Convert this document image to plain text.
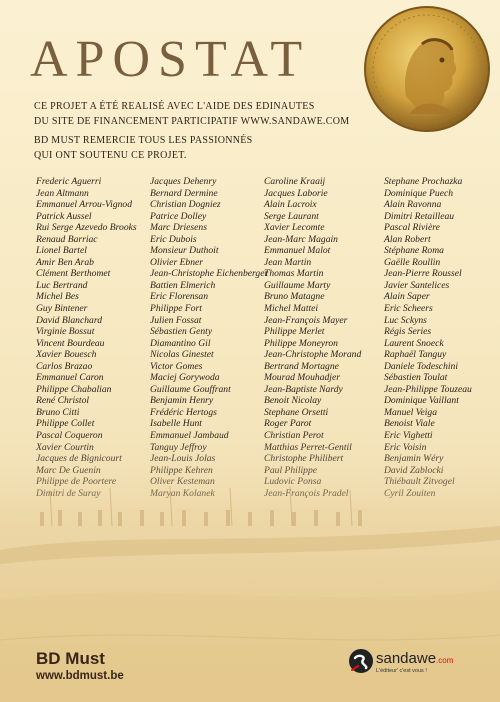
APOSTAT
CE PROJET A ÉTÉ REALISÉ AVEC L'AIDE DES EDINAUTES
DU SITE DE FINANCEMENT PARTICIPATIF WWW.SANDAWE.COM
BD MUST REMERCIE TOUS LES PASSIONNÉS
QUI ONT SOUTENU CE PROJET.
Frederic Aguerri
Jean Altmann
Emmanuel Arrou-Vignod
Patrick Aussel
Rui Serge Azevedo Brooks
Renaud Barriac
Lionel Bartel
Amir Ben Arab
Clément Berthomet
Luc Bertrand
Michel Bes
Guy Bintener
David Blanchard
Virginie Bossut
Vincent Bourdeau
Xavier Bouesch
Carlos Brazao
Emmanuel Caron
Philippe Chabalian
René Christol
Bruno Citti
Philippe Collet
Jacques Dehenry
Bernard Dermine
Christian Dogniez
Patrice Dolley
Marc Driesens
Eric Dubois
Monsieur Duthoit
Olivier Ebner
Jean-Christophe Eichenberger
Battien Elmerich
Eric Florensan
Philippe Fort
Julien Fossat
Sébastien Genty
Diamantino Gil
Nicolas Ginestet
Victor Gomes
Maciej Gorywoda
Guillaume Gouffrant
Benjamin Henry
Frédéric Hertogs
Isabelle Hunt
Caroline Kraaij
Jacques Laborie
Alain Lacroix
Serge Laurant
Xavier Lecomte
Jean-Marc Magain
Emmanuel Malot
Jean Martin
Thomas Martin
Guillaume Marty
Bruno Matagne
Michel Mattei
Jean-François Mayer
Philippe Merlet
Philippe Moneyron
Jean-Christophe Morand
Bertrand Mortagne
Mourad Mouhadjer
Jean-Baptiste Nardy
Benoit Nicolay
Stephane Orsetti
Roger Parot
Stephane Prochazka
Dominique Puech
Alain Ravonna
Dimitri Retailleau
Pascal Rivière
Alan Robert
Stéphane Roma
Gaëlle Roullin
Jean-Pierre Roussel
Javier Santelices
Alain Saper
Eric Scheers
Luc Sckyns
Régis Series
Laurent Snoeck
Raphaël Tanguy
Daniele Todeschini
Sébastien Toulat
Jean-Philippe Touzeau
Dominique Vaillant
Manuel Veiga
Benoist Viale
BD Must
www.bdmust.be
sandawe.com
L'éditeur' c'est vous !
